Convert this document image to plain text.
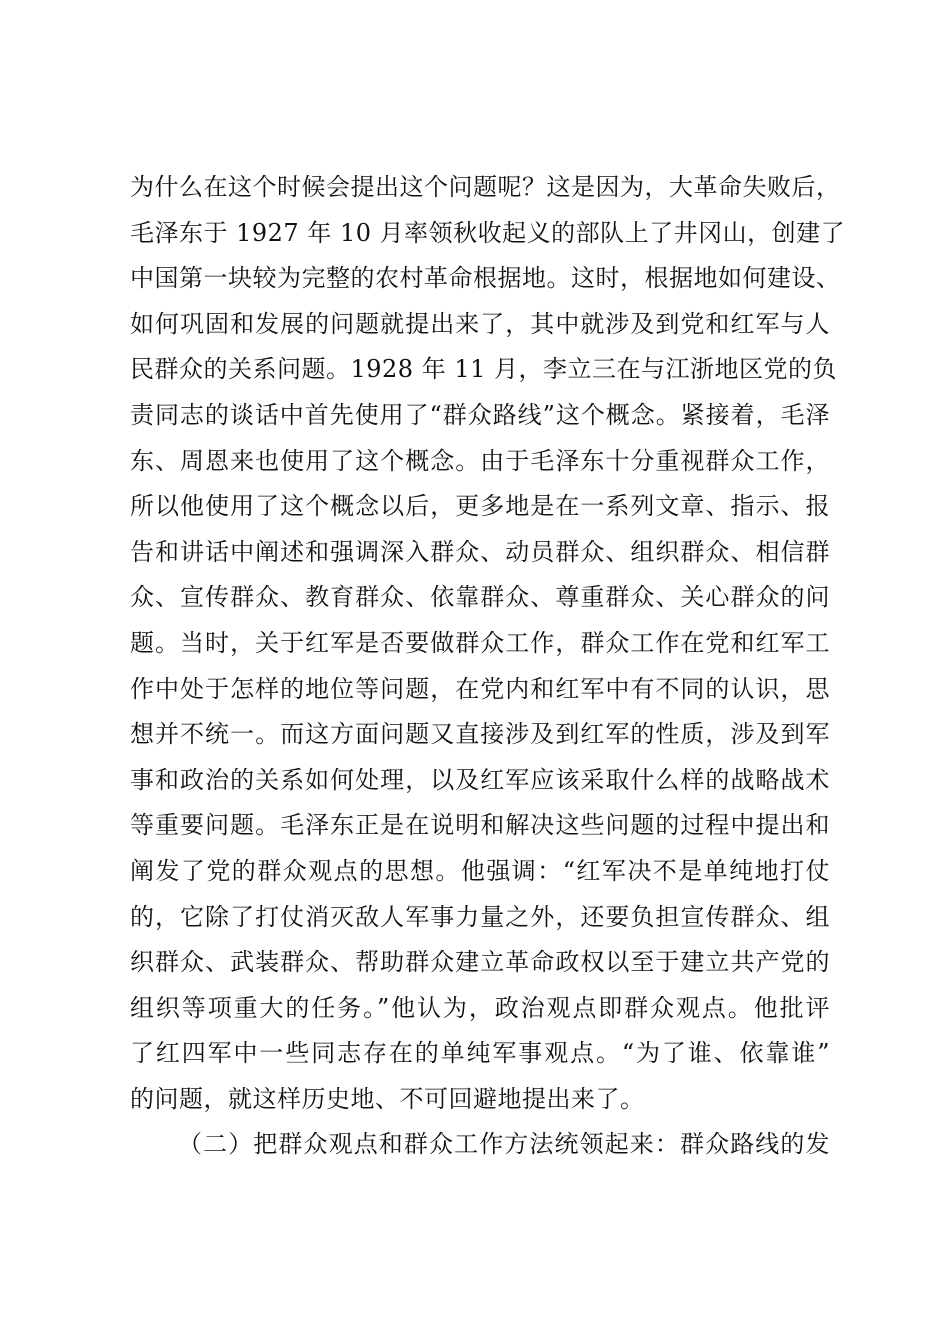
为什么在这个时候会提出这个问题呢？这是因为，大革命失败后，
毛泽东于 1927 年 10 月率领秋收起义的部队上了井冈山，创建了
中国第一块较为完整的农村革命根据地。这时，根据地如何建设、
如何巩固和发展的问题就提出来了，其中就涉及到党和红军与人
民群众的关系问题。1928 年 11 月，李立三在与江浙地区党的负
责同志的谈话中首先使用了“群众路线”这个概念。紧接着，毛泽
东、周恩来也使用了这个概念。由于毛泽东十分重视群众工作，
所以他使用了这个概念以后，更多地是在一系列文章、指示、报
告和讲话中阐述和强调深入群众、动员群众、组织群众、相信群
众、宣传群众、教育群众、依靠群众、尊重群众、关心群众的问
题。当时，关于红军是否要做群众工作，群众工作在党和红军工
作中处于怎样的地位等问题，在党内和红军中有不同的认识，思
想并不统一。而这方面问题又直接涉及到红军的性质，涉及到军
事和政治的关系如何处理，以及红军应该采取什么样的战略战术
等重要问题。毛泽东正是在说明和解决这些问题的过程中提出和
阐发了党的群众观点的思想。他强调：“红军决不是单纯地打仗
的，它除了打仗消灭敌人军事力量之外，还要负担宣传群众、组
织群众、武装群众、帮助群众建立革命政权以至于建立共产党的
组织等项重大的任务。”他认为，政治观点即群众观点。他批评
了红四军中一些同志存在的单纯军事观点。“为了谁、依靠谁”
的问题，就这样历史地、不可回避地提出来了。
（二）把群众观点和群众工作方法统领起来：群众路线的发
